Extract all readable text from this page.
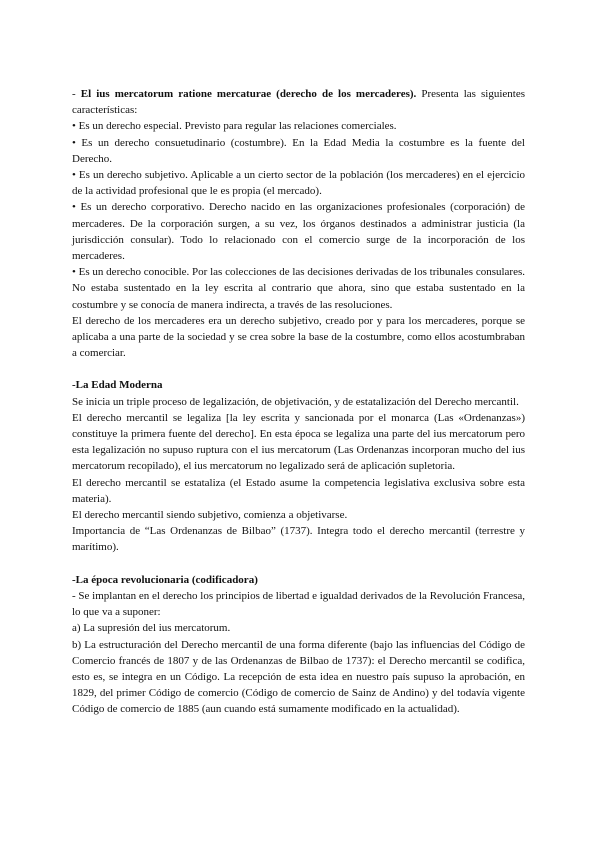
- El ius mercatorum ratione mercaturae (derecho de los mercaderes). Presenta las siguientes características:

• Es un derecho especial. Previsto para regular las relaciones comerciales.

• Es un derecho consuetudinario (costumbre). En la Edad Media la costumbre es la fuente del Derecho.

• Es un derecho subjetivo. Aplicable a un cierto sector de la población (los mercaderes) en el ejercicio de la actividad profesional que le es propia (el mercado).

• Es un derecho corporativo. Derecho nacido en las organizaciones profesionales (corporación) de mercaderes. De la corporación surgen, a su vez, los órganos destinados a administrar justicia (la jurisdicción consular). Todo lo relacionado con el comercio surge de la incorporación de los mercaderes.

• Es un derecho conocible. Por las colecciones de las decisiones derivadas de los tribunales consulares. No estaba sustentado en la ley escrita al contrario que ahora, sino que estaba sustentado en la costumbre y se conocía de manera indirecta, a través de las resoluciones.

El derecho de los mercaderes era un derecho subjetivo, creado por y para los mercaderes, porque se aplicaba a una parte de la sociedad y se crea sobre la base de la costumbre, como ellos acostumbraban a comerciar.

-La Edad Moderna

Se inicia un triple proceso de legalización, de objetivación, y de estatalización del Derecho mercantil.

El derecho mercantil se legaliza [la ley escrita y sancionada por el monarca (Las «Ordenanzas») constituye la primera fuente del derecho]. En esta época se legaliza una parte del ius mercatorum pero esta legalización no supuso ruptura con el ius mercatorum (Las Ordenanzas incorporan mucho del ius mercatorum recopilado), el ius mercatorum no legalizado será de aplicación supletoria.

El derecho mercantil se estataliza (el Estado asume la competencia legislativa exclusiva sobre esta materia).

El derecho mercantil siendo subjetivo, comienza a objetivarse.

Importancia de “Las Ordenanzas de Bilbao” (1737). Integra todo el derecho mercantil (terrestre y marítimo).

-La época revolucionaria (codificadora)

- Se implantan en el derecho los principios de libertad e igualdad derivados de la Revolución Francesa, lo que va a suponer:

a) La supresión del ius mercatorum.

b) La estructuración del Derecho mercantil de una forma diferente (bajo las influencias del Código de Comercio francés de 1807 y de las Ordenanzas de Bilbao de 1737): el Derecho mercantil se codifica, esto es, se integra en un Código. La recepción de esta idea en nuestro país supuso la aprobación, en 1829, del primer Código de comercio (Código de comercio de Sainz de Andino) y del todavía vigente Código de comercio de 1885 (aun cuando está sumamente modificado en la actualidad).
